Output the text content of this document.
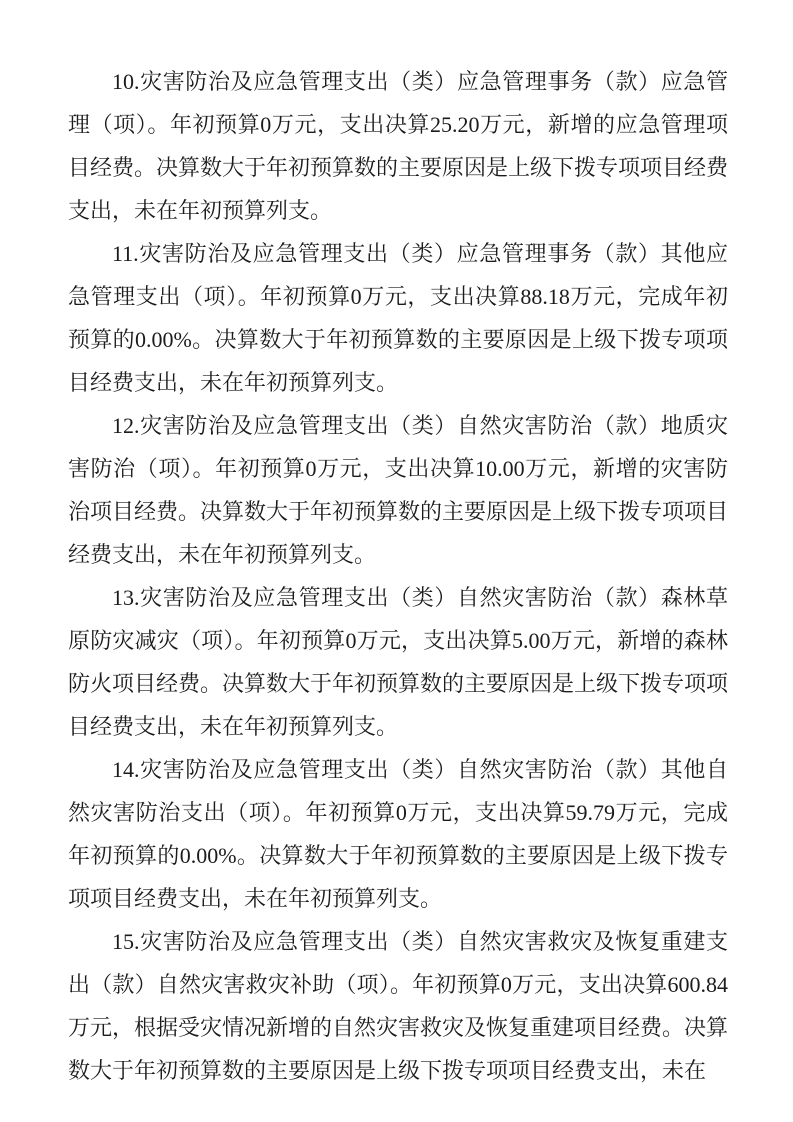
10.灾害防治及应急管理支出（类）应急管理事务（款）应急管理（项）。年初预算0万元，支出决算25.20万元，新增的应急管理项目经费。决算数大于年初预算数的主要原因是上级下拨专项项目经费支出，未在年初预算列支。

11.灾害防治及应急管理支出（类）应急管理事务（款）其他应急管理支出（项）。年初预算0万元，支出决算88.18万元，完成年初预算的0.00%。决算数大于年初预算数的主要原因是上级下拨专项项目经费支出，未在年初预算列支。

12.灾害防治及应急管理支出（类）自然灾害防治（款）地质灾害防治（项）。年初预算0万元，支出决算10.00万元，新增的灾害防治项目经费。决算数大于年初预算数的主要原因是上级下拨专项项目经费支出，未在年初预算列支。

13.灾害防治及应急管理支出（类）自然灾害防治（款）森林草原防灾减灾（项）。年初预算0万元，支出决算5.00万元，新增的森林防火项目经费。决算数大于年初预算数的主要原因是上级下拨专项项目经费支出，未在年初预算列支。

14.灾害防治及应急管理支出（类）自然灾害防治（款）其他自然灾害防治支出（项）。年初预算0万元，支出决算59.79万元，完成年初预算的0.00%。决算数大于年初预算数的主要原因是上级下拨专项项目经费支出，未在年初预算列支。

15.灾害防治及应急管理支出（类）自然灾害救灾及恢复重建支出（款）自然灾害救灾补助（项）。年初预算0万元，支出决算600.84万元，根据受灾情况新增的自然灾害救灾及恢复重建项目经费。决算数大于年初预算数的主要原因是上级下拨专项项目经费支出，未在
